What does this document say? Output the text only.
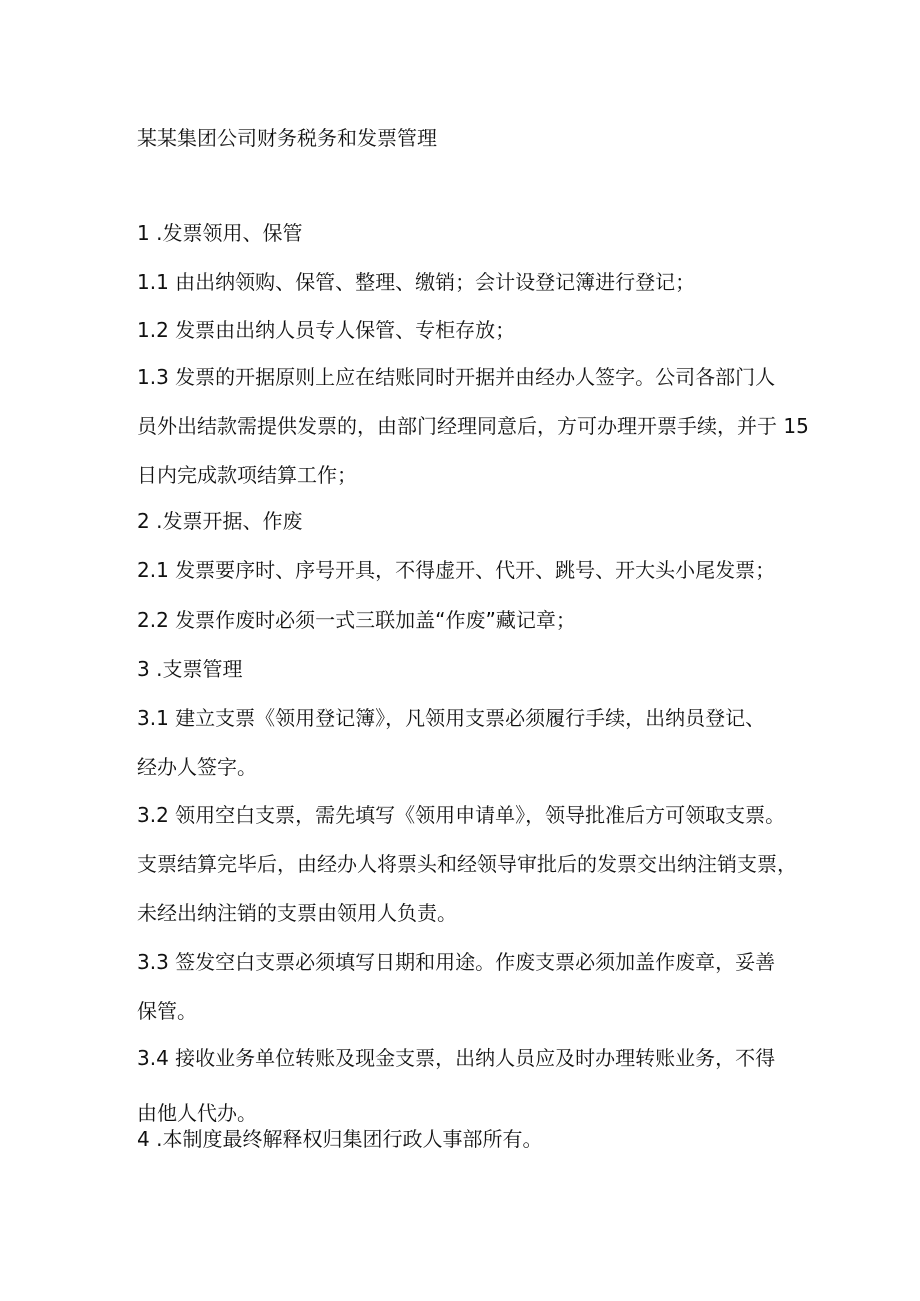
某某集团公司财务税务和发票管理
1 .发票领用、保管
1.1 由出纳领购、保管、整理、缴销；会计设登记簿进行登记；
1.2 发票由出纳人员专人保管、专柜存放；
1.3 发票的开据原则上应在结账同时开据并由经办人签字。公司各部门人
员外出结款需提供发票的，由部门经理同意后，方可办理开票手续，并于 15
日内完成款项结算工作；
2 .发票开据、作废
2.1 发票要序时、序号开具，不得虚开、代开、跳号、开大头小尾发票；
2.2 发票作废时必须一式三联加盖“作废”藏记章；
3 .支票管理
3.1 建立支票《领用登记簿》，凡领用支票必须履行手续，出纳员登记、
经办人签字。
3.2 领用空白支票，需先填写《领用申请单》，领导批准后方可领取支票。
支票结算完毕后，由经办人将票头和经领导审批后的发票交出纳注销支票，
未经出纳注销的支票由领用人负责。
3.3 签发空白支票必须填写日期和用途。作废支票必须加盖作废章，妥善
保管。
3.4 接收业务单位转账及现金支票，出纳人员应及时办理转账业务，不得
由他人代办。
4 .本制度最终解释权归集团行政人事部所有。
